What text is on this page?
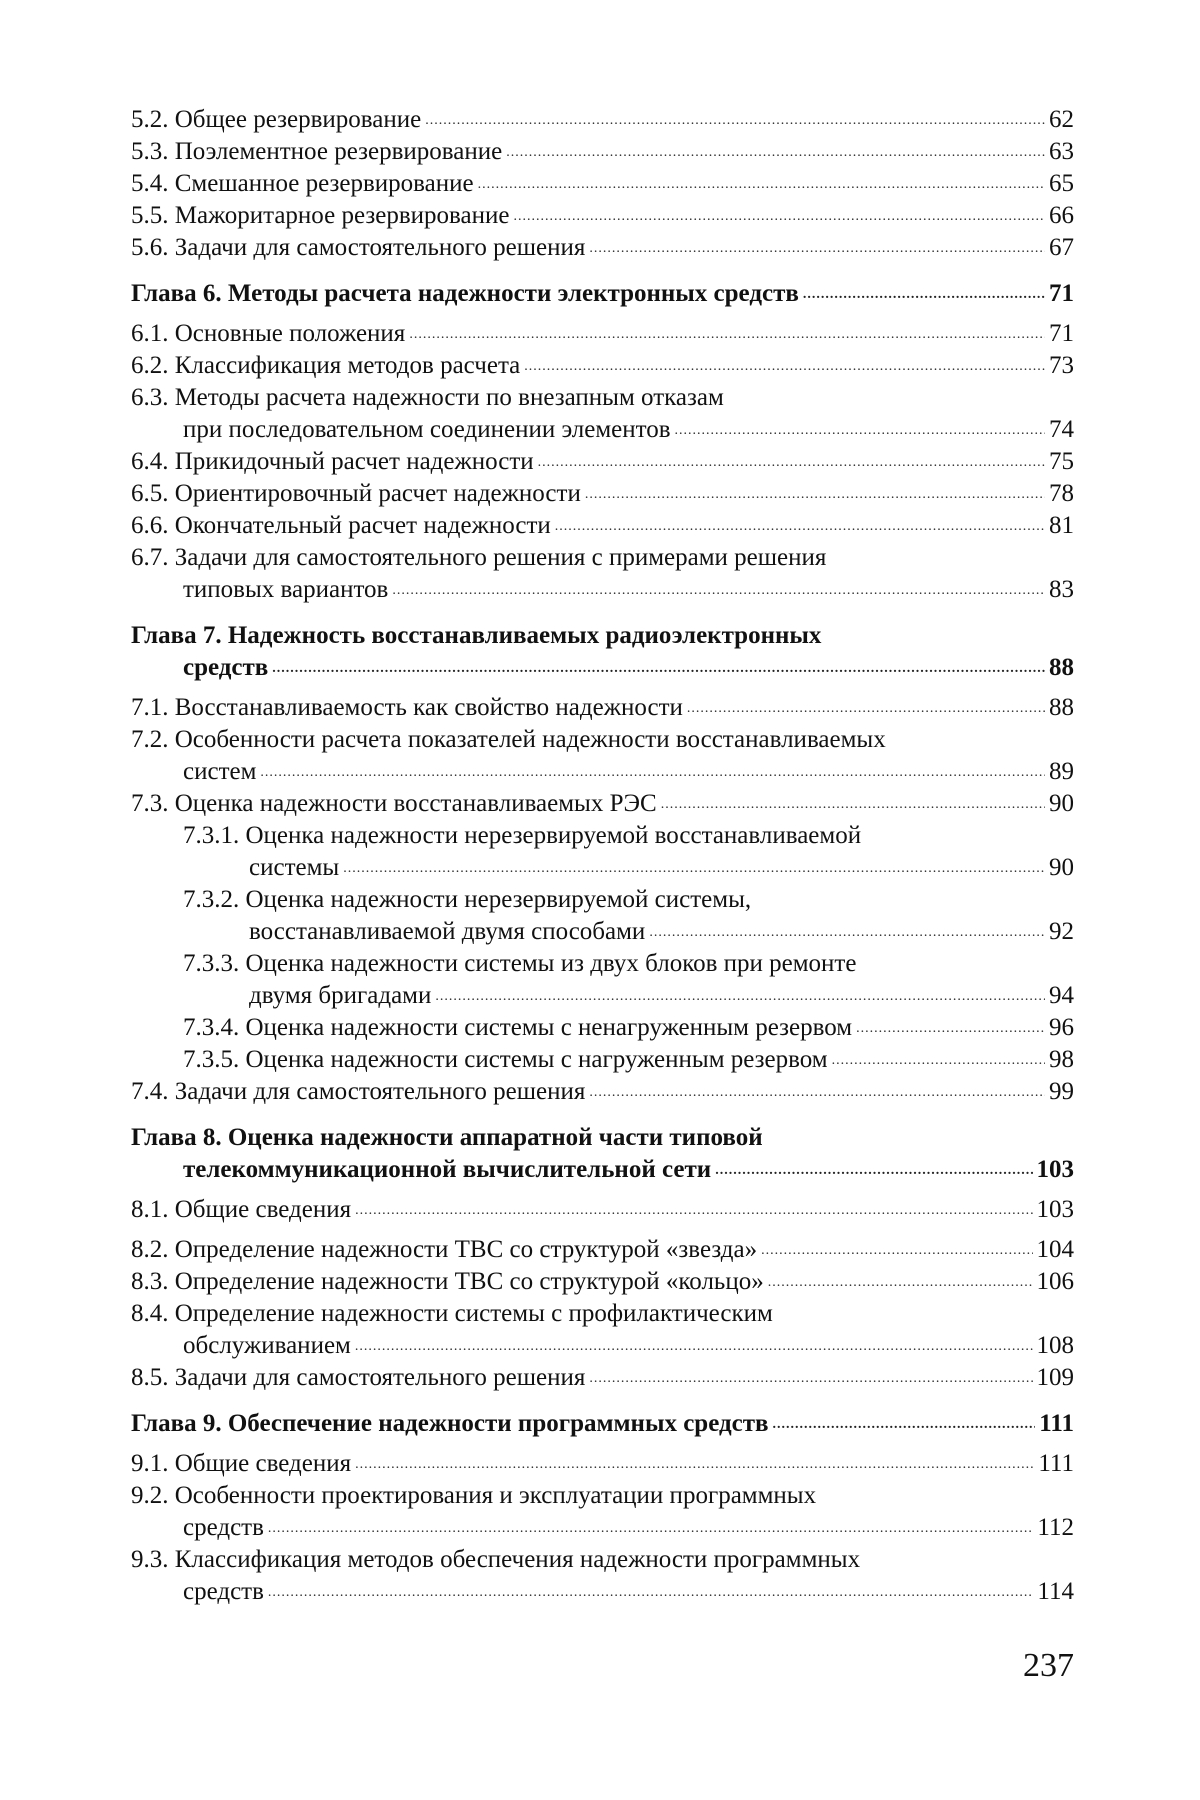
5.2. Общее резервирование .....	62
5.3. Поэлементное резервирование .....	63
5.4. Смешанное резервирование .....	65
5.5. Мажоритарное резервирование .....	66
5.6. Задачи для самостоятельного решения .....	67
Глава 6. Методы расчета надежности электронных средств .....	71
6.1. Основные положения .....	71
6.2. Классификация методов расчета .....	73
6.3. Методы расчета надежности по внезапным отказам
при последовательном соединении элементов .....	74
6.4. Прикидочный расчет надежности .....	75
6.5. Ориентировочный расчет надежности .....	78
6.6. Окончательный расчет надежности .....	81
6.7. Задачи для самостоятельного решения с примерами решения
типовых вариантов .....	83
Глава 7. Надежность восстанавливаемых радиоэлектронных
средств .....	88
7.1. Восстанавливаемость как свойство надежности .....	88
7.2. Особенности расчета показателей надежности восстанавливаемых
систем .....	89
7.3. Оценка надежности восстанавливаемых РЭС .....	90
7.3.1. Оценка надежности нерезервируемой восстанавливаемой
системы .....	90
7.3.2. Оценка надежности нерезервируемой системы,
восстанавливаемой двумя способами .....	92
7.3.3. Оценка надежности системы из двух блоков при ремонте
двумя бригадами .....	94
7.3.4. Оценка надежности системы с ненагруженным резервом .....	96
7.3.5. Оценка надежности системы с нагруженным резервом .....	98
7.4. Задачи для самостоятельного решения .....	99
Глава 8. Оценка надежности аппаратной части типовой
телекоммуникационной вычислительной сети .....	103
8.1. Общие сведения .....	103
8.2. Определение надежности ТВС со структурой «звезда» .....	104
8.3. Определение надежности ТВС со структурой «кольцо» .....	106
8.4. Определение надежности системы с профилактическим
обслуживанием .....	108
8.5. Задачи для самостоятельного решения .....	109
Глава 9. Обеспечение надежности программных средств .....	111
9.1. Общие сведения .....	111
9.2. Особенности проектирования и эксплуатации программных
средств .....	112
9.3. Классификация методов обеспечения надежности программных
средств .....	114
237
